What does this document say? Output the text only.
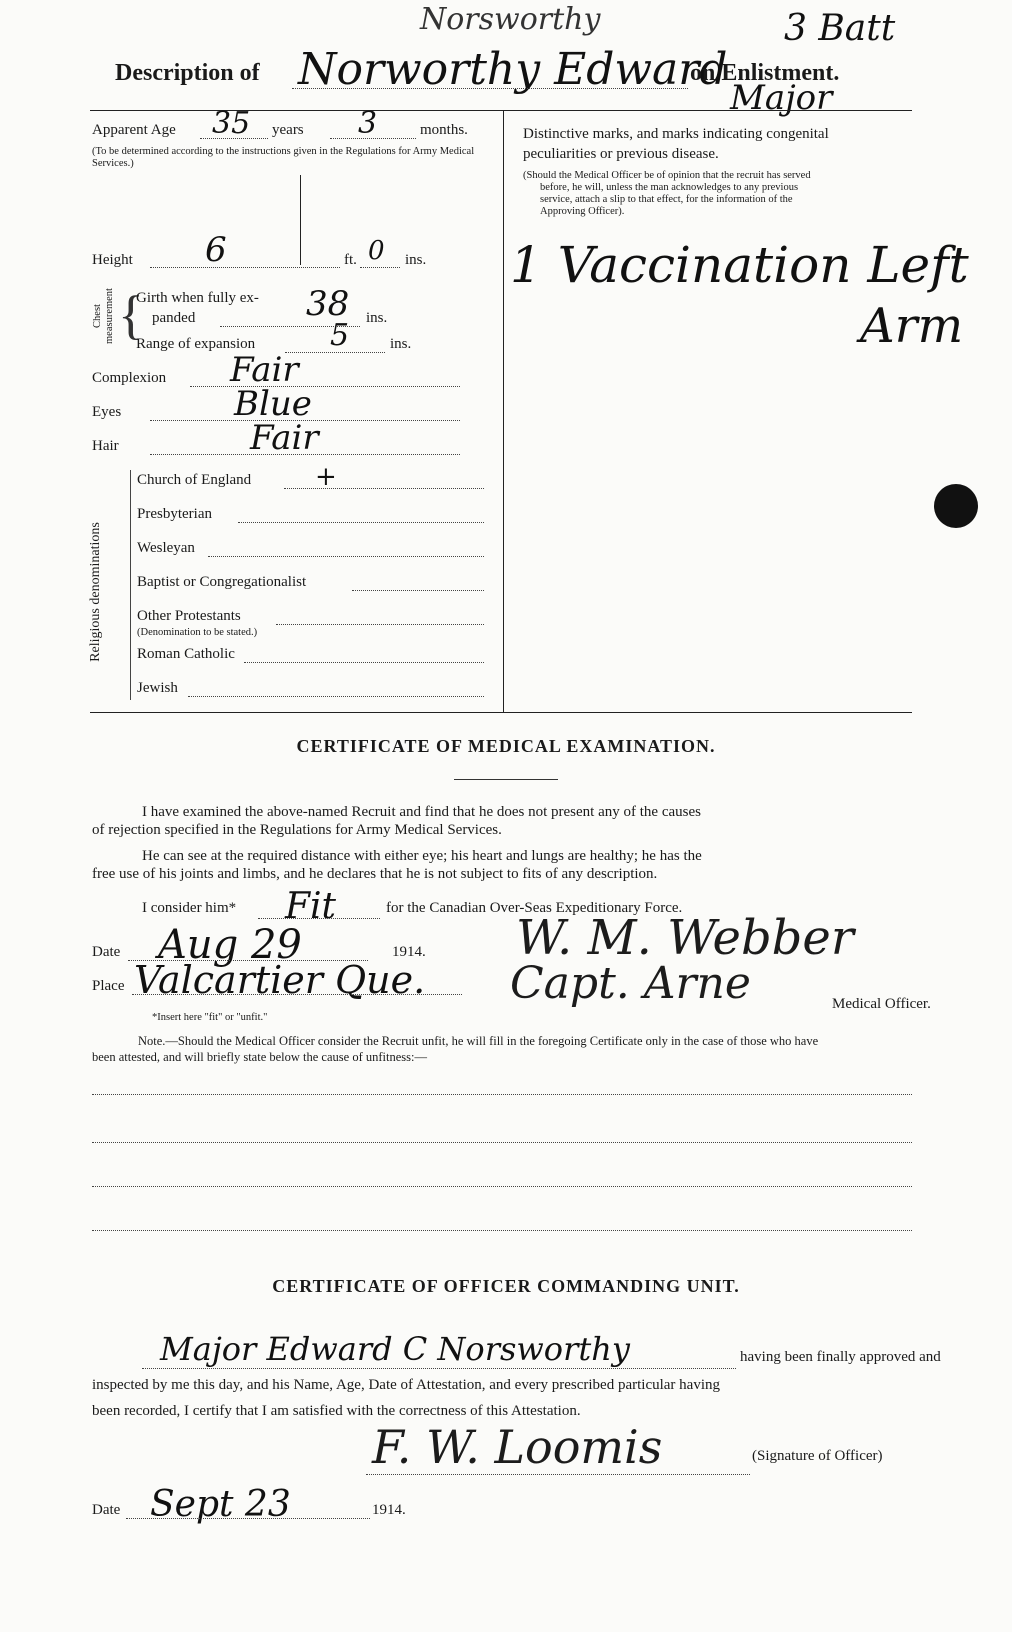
Norsworthy	3 Batt
Description of Norworthy Edward
on Enlistment.
Major
Apparent Age 35 years 3	months.
(To be determined according to the instructions given in the Regulations for Army Medical Services.)
Height 6	ft. 0 ins.
Chest measurement {
Girth when fully ex-
panded	38 ins.
Range of expansion 5	ins.
Complexion Fair
Eyes	Blue
Hair	Fair
Religious denominations
Church of England +
Presbyterian
Wesleyan
Baptist or Congregationalist
Other Protestants
(Denomination to be stated.)
Roman Catholic
Jewish
Distinctive marks, and marks indicating congenital
peculiarities or previous disease.
(Should the Medical Officer be of opinion that the recruit has served
before, he will, unless the man acknowledges to any previous
service, attach a slip to that effect, for the information of the
Approving Officer).
1 Vaccination Left
Arm
CERTIFICATE OF MEDICAL EXAMINATION.
I have examined the above-named Recruit and find that he does not present any of the causes
of rejection specified in the Regulations for Army Medical Services.
He can see at the required distance with either eye; his heart and lungs are healthy; he has the
free use of his joints and limbs, and he declares that he is not subject to fits of any description.
I consider him* Fit	for the Canadian Over-Seas Expeditionary Force.
Date Aug 29	1914.
Place Valcartier Que.
W. M. Webber
Capt. Arne	Medical Officer.
*Insert here "fit" or "unfit."
Note.—Should the Medical Officer consider the Recruit unfit, he will fill in the foregoing Certificate only in the case of those who have
been attested, and will briefly state below the cause of unfitness:—
CERTIFICATE OF OFFICER COMMANDING UNIT.
Major Edward C Norsworthy	having been finally approved and
inspected by me this day, and his Name, Age, Date of Attestation, and every prescribed particular having
been recorded, I certify that I am satisfied with the correctness of this Attestation.
F. W. Loomis	(Signature of Officer)
Date Sept 23	1914.
